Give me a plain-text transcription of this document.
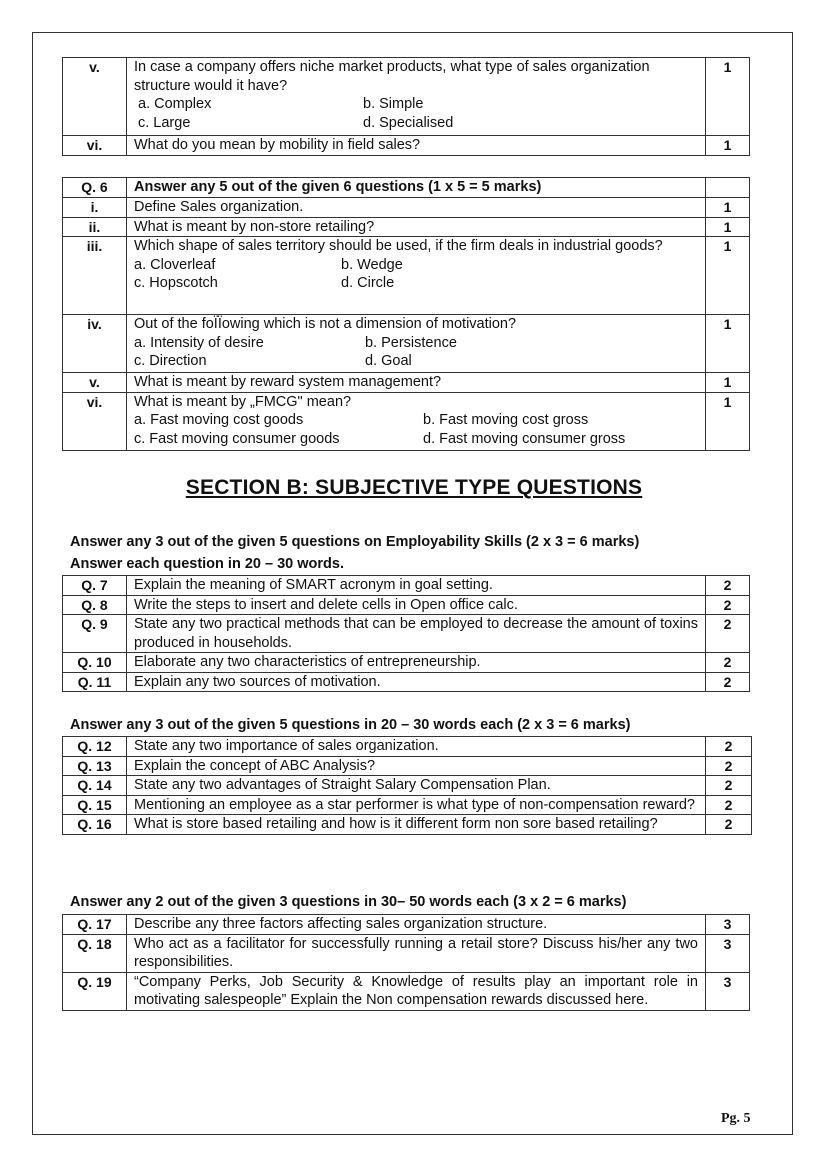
v.	In case a company offers niche market products, what type of sales organization structure would it have?
a. Complex b. Simple
c. Large d. Specialised	1
vi.	What do you mean by mobility in field sales?	1
Q. 6	Answer any 5 out of the given 6 questions (1 x 5 = 5 marks)	
i.	Define Sales organization.	1
ii.	What is meant by non-store retailing?	1
iii.	Which shape of sales territory should be used, if the firm deals in industrial goods?
a. Cloverleaf b. Wedge
c. Hopscotch d. Circle	1
iv.	Out of the foÏÏowing which is not a dimension of motivation?
a. Intensity of desire b. Persistence
c. Direction d. Goal	1
v.	What is meant by reward system management?	1
vi.	What is meant by „FMCG" mean?
a. Fast moving cost goods b. Fast moving cost gross
c. Fast moving consumer goods d. Fast moving consumer gross	1
SECTION B: SUBJECTIVE TYPE QUESTIONS
Answer any 3 out of the given 5 questions on Employability Skills (2 x 3 = 6 marks)
Answer each question in 20 – 30 words.
Q. 7	Explain the meaning of SMART acronym in goal setting.	2
Q. 8	Write the steps to insert and delete cells in Open office calc.	2
Q. 9	State any two practical methods that can be employed to decrease the amount of toxins produced in households.	2
Q. 10	Elaborate any two characteristics of entrepreneurship.	2
Q. 11	Explain any two sources of motivation.	2
Answer any 3 out of the given 5 questions in 20 – 30 words each (2 x 3 = 6 marks)
Q. 12	State any two importance of sales organization.	2
Q. 13	Explain the concept of ABC Analysis?	2
Q. 14	State any two advantages of Straight Salary Compensation Plan.	2
Q. 15	Mentioning an employee as a star performer is what type of non-compensation reward?	2
Q. 16	What is store based retailing and how is it different form non sore based retailing?	2
Answer any 2 out of the given 3 questions in 30– 50 words each (3 x 2 = 6 marks)
Q. 17	Describe any three factors affecting sales organization structure.	3
Q. 18	Who act as a facilitator for successfully running a retail store? Discuss his/her any two responsibilities.	3
Q. 19	“Company Perks, Job Security & Knowledge of results play an important role in motivating salespeople” Explain the Non compensation rewards discussed here.	3
Pg. 5
